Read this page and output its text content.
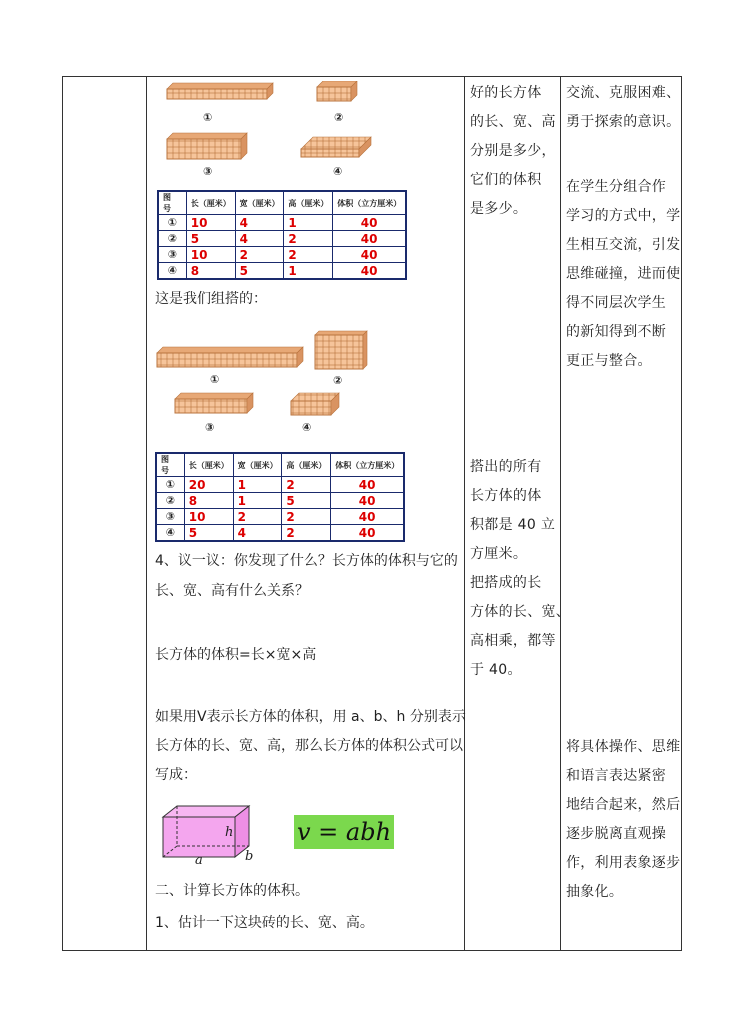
①	②
③	④
图 号	长（厘米）	宽（厘米）	高（厘米）	体积（立方厘米）
①	10	4	1	40
②	5	4	2	40
③	10	2	2	40
④	8	5	1	40
这是我们组搭的：
①	②
③	④
图 号	长（厘米）	宽（厘米）	高（厘米）	体积（立方厘米）
①	20	1	2	40
②	8	1	5	40
③	10	2	2	40
④	5	4	2	40
4、议一议：你发现了什么？长方体的体积与它的
长、宽、高有什么关系？
长方体的体积=长×宽×高
如果用V表示长方体的体积，用 a、b、h 分别表示
长方体的长、宽、高，那么长方体的体积公式可以
写成：
a	b
h	v = abh
二、计算长方体的体积。
1、估计一下这块砖的长、宽、高。
好的长方体
的长、宽、高
分别是多少，
它们的体积
是多少。
搭出的所有
长方体的体
积都是 40 立
方厘米。
把搭成的长
方体的长、宽、
高相乘，都等
于 40。
交流、克服困难、
勇于探索的意识。
在学生分组合作
学习的方式中，学
生相互交流，引发
思维碰撞，进而使
得不同层次学生
的新知得到不断
更正与整合。
将具体操作、思维
和语言表达紧密
地结合起来，然后
逐步脱离直观操
作，利用表象逐步
抽象化。
